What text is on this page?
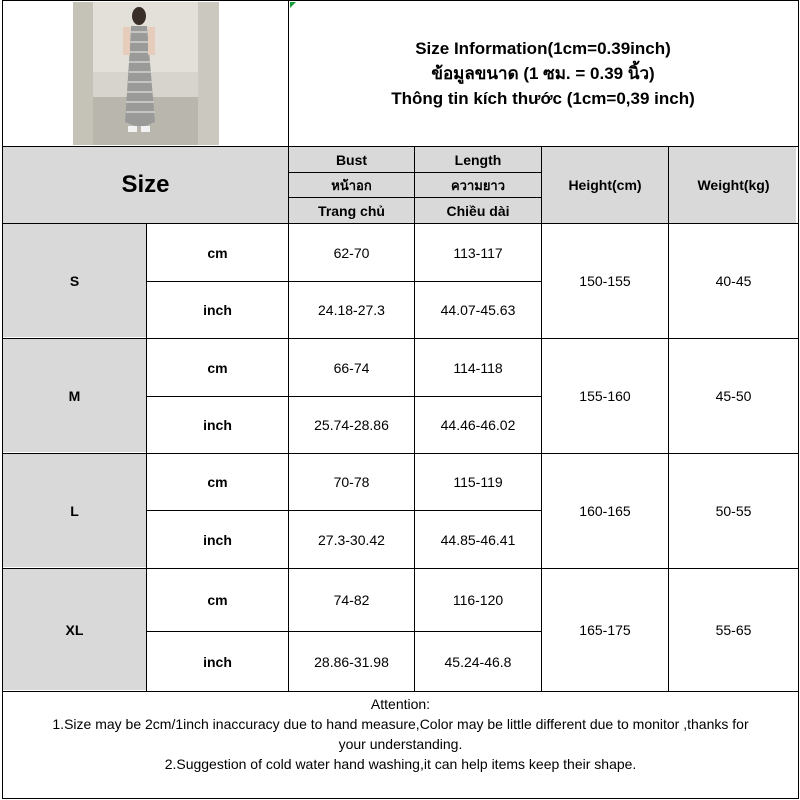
Size Information(1cm=0.39inch)
ข้อมูลขนาด (1 ซม. = 0.39 นิ้ว)
Thông tin kích thước (1cm=0,39 inch)
Size
Bust
หน้าอก
Trang chủ
Length
ความยาว
Chiều dài
Height(cm)	Weight(kg)
S
cm	62-70	113-117
inch	24.18-27.3	44.07-45.63
150-155	40-45
M
cm	66-74	114-118
inch	25.74-28.86	44.46-46.02
155-160	45-50
L
cm	70-78	115-119
inch	27.3-30.42	44.85-46.41
160-165	50-55
XL
cm	74-82	116-120
inch	28.86-31.98	45.24-46.8
165-175	55-65
Attention:
1.Size may be 2cm/1inch inaccuracy due to hand measure,Color may be little different due to monitor ,thanks for
your understanding.
2.Suggestion of cold water hand washing,it can help items keep their shape.
